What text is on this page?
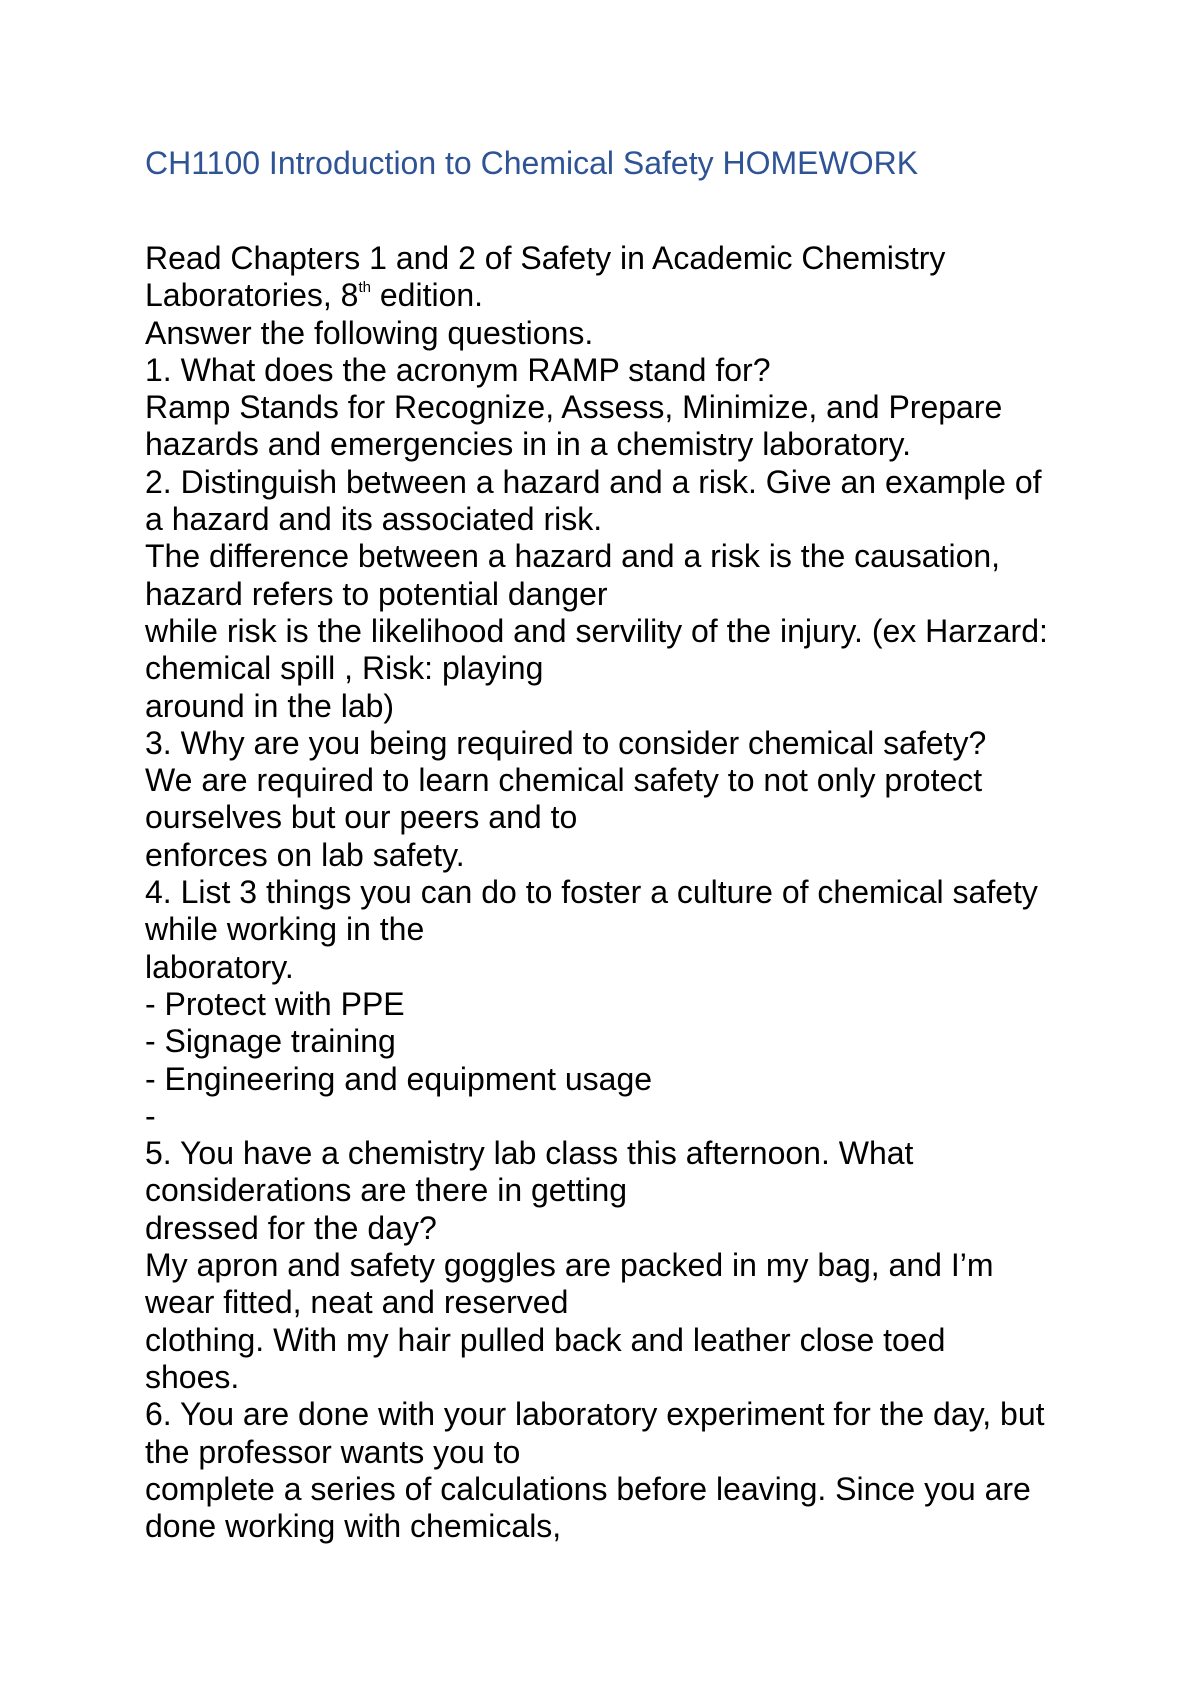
CH1100 Introduction to Chemical Safety HOMEWORK
Read Chapters 1 and 2 of Safety in Academic Chemistry
Laboratories, 8th edition.
Answer the following questions.
1. What does the acronym RAMP stand for?
Ramp Stands for Recognize, Assess, Minimize, and Prepare
hazards and emergencies in in a chemistry laboratory.
2. Distinguish between a hazard and a risk. Give an example of
a hazard and its associated risk.
The difference between a hazard and a risk is the causation,
hazard refers to potential danger
while risk is the likelihood and servility of the injury. (ex Harzard:
chemical spill , Risk: playing
around in the lab)
3. Why are you being required to consider chemical safety?
We are required to learn chemical safety to not only protect
ourselves but our peers and to
enforces on lab safety.
4. List 3 things you can do to foster a culture of chemical safety
while working in the
laboratory.
- Protect with PPE
- Signage training
- Engineering and equipment usage
-
5. You have a chemistry lab class this afternoon. What
considerations are there in getting
dressed for the day?
My apron and safety goggles are packed in my bag, and I’m
wear fitted, neat and reserved
clothing. With my hair pulled back and leather close toed
shoes.
6. You are done with your laboratory experiment for the day, but
the professor wants you to
complete a series of calculations before leaving. Since you are
done working with chemicals,
